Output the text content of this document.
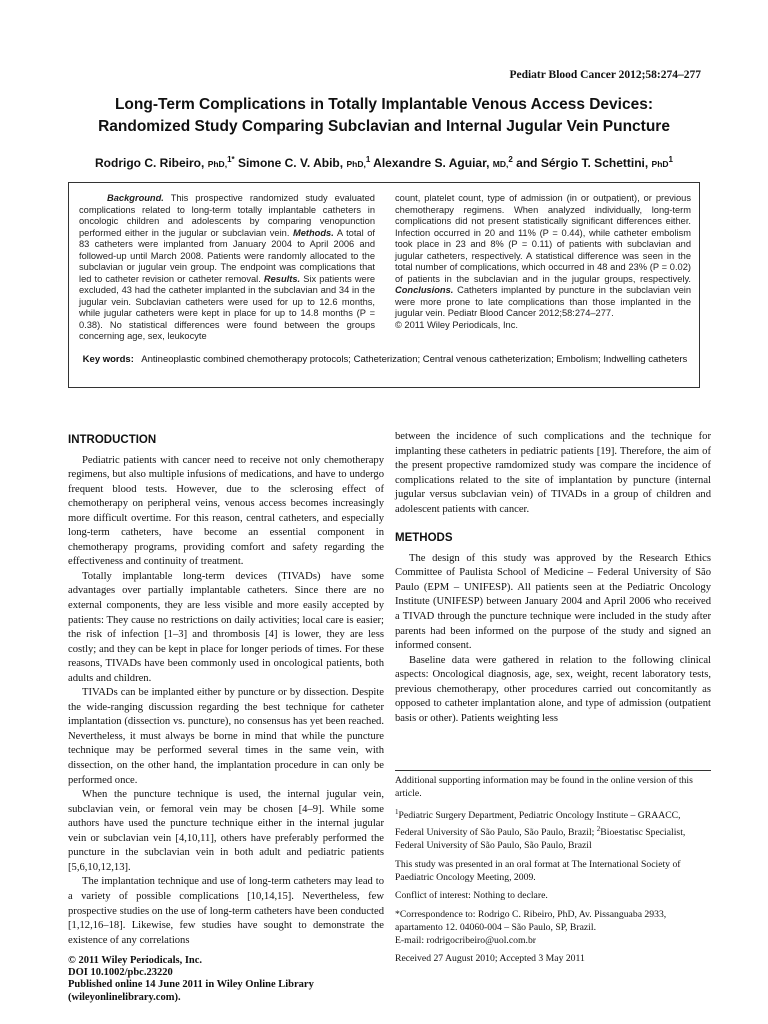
Pediatr Blood Cancer 2012;58:274–277
Long-Term Complications in Totally Implantable Venous Access Devices:
Randomized Study Comparing Subclavian and Internal Jugular Vein Puncture
Rodrigo C. Ribeiro, PhD,$^{1*}$ Simone C. V. Abib, PhD,$^1$ Alexandre S. Aguiar, MD,$^2$ and Sérgio T. Schettini, PhD$^1$
Background. This prospective randomized study evaluated complications related to long-term totally implantable catheters in oncologic children and adolescents by comparing venopunction performed either in the jugular or subclavian vein. Methods. A total of 83 catheters were implanted from January 2004 to April 2006 and followed-up until March 2008. Patients were randomly allocated to the subclavian or jugular vein group. The endpoint was complications that led to catheter revision or catheter removal. Results. Six patients were excluded, 43 had the catheter implanted in the subclavian and 34 in the jugular vein. Subclavian catheters were used for up to 12.6 months, while jugular catheters were kept in place for up to 14.8 months (P = 0.38). No statistical differences were found between the groups concerning age, sex, leukocyte
count, platelet count, type of admission (in or outpatient), or previous chemotherapy regimens. When analyzed individually, long-term complications did not present statistically significant differences either. Infection occurred in 20 and 11% (P = 0.44), while catheter embolism took place in 23 and 8% (P = 0.11) of patients with subclavian and jugular catheters, respectively. A statistical difference was seen in the total number of complications, which occurred in 48 and 23% (P = 0.02) of patients in the subclavian and in the jugular groups, respectively. Conclusions. Catheters implanted by puncture in the subclavian vein were more prone to late complications than those implanted in the jugular vein. Pediatr Blood Cancer 2012;58:274–277.
© 2011 Wiley Periodicals, Inc.
Key words: Antineoplastic combined chemotherapy protocols; Catheterization; Central venous catheterization; Embolism; Indwelling catheters
INTRODUCTION

Pediatric patients with cancer need to receive not only chemotherapy regimens, but also multiple infusions of medications, and have to undergo frequent blood tests. However, due to the sclerosing effect of chemotherapy on peripheral veins, venous access becomes increasingly more difficult overtime. For this reason, central catheters, and especially long-term catheters, have become an essential component in chemotherapy programs, providing comfort and safety regarding the effectiveness and continuity of treatment.

Totally implantable long-term devices (TIVADs) have some advantages over partially implantable catheters. Since there are no external components, they are less visible and more easily accepted by patients: They cause no restrictions on daily activities; local care is easier; the risk of infection [1–3] and thrombosis [4] is lower, they are less costly; and they can be kept in place for longer periods of times. For these reasons, TIVADs have been commonly used in oncological patients, both adults and children.

TIVADs can be implanted either by puncture or by dissection. Despite the wide-ranging discussion regarding the best technique for catheter implantation (dissection vs. puncture), no consensus has yet been reached. Nevertheless, it must always be borne in mind that while the puncture technique may be performed several times in the same vein, with dissection, on the other hand, the implantation procedure in can only be performed once.

When the puncture technique is used, the internal jugular vein, subclavian vein, or femoral vein may be chosen [4–9]. While some authors have used the puncture technique either in the internal jugular vein or subclavian vein [4,10,11], others have preferably performed the puncture in the subclavian vein in both adult and pediatric patients [5,6,10,12,13].

The implantation technique and use of long-term catheters may lead to a variety of possible complications [10,14,15]. Nevertheless, few prospective studies on the use of long-term catheters have been conducted [1,12,16–18]. Likewise, few studies have sought to demonstrate the existence of any correlations

between the incidence of such complications and the technique for implanting these catheters in pediatric patients [19]. Therefore, the aim of the present propective ramdomized study was compare the incidence of complications related to the site of implantation by puncture (internal jugular versus subclavian vein) of TIVADs in a group of children and adolescent patients with cancer.

METHODS

The design of this study was approved by the Research Ethics Committee of Paulista School of Medicine – Federal University of São Paulo (EPM – UNIFESP). All patients seen at the Pediatric Oncology Institute (UNIFESP) between January 2004 and April 2006 who received a TIVAD through the puncture technique were included in the study after parents had been informed on the purpose of the study and signed an informed consent.

Baseline data were gathered in relation to the following clinical aspects: Oncological diagnosis, age, sex, weight, recent laboratory tests, previous chemotherapy, other procedures carried out concomitantly as opposed to catheter implantation alone, and type of admission (outpatient basis or other). Patients weighting less

Additional supporting information may be found in the online version of this article.

$^1$Pediatric Surgery Department, Pediatric Oncology Institute – GRAACC, Federal University of São Paulo, São Paulo, Brazil; $^2$Bioestatisc Specialist, Federal University of São Paulo, São Paulo, Brazil

This study was presented in an oral format at The International Society of Paediatric Oncology Meeting, 2009.

Conflict of interest: Nothing to declare.

*Correspondence to: Rodrigo C. Ribeiro, PhD, Av. Pissanguaba 2933, apartamento 12. 04060-004 – São Paulo, SP, Brazil.

E-mail: rodrigocribeiro@uol.com.br

Received 27 August 2010; Accepted 3 May 2011

© 2011 Wiley Periodicals, Inc.
DOI 10.1002/pbc.23220
Published online 14 June 2011 in Wiley Online Library
(wileyonlinelibrary.com).
